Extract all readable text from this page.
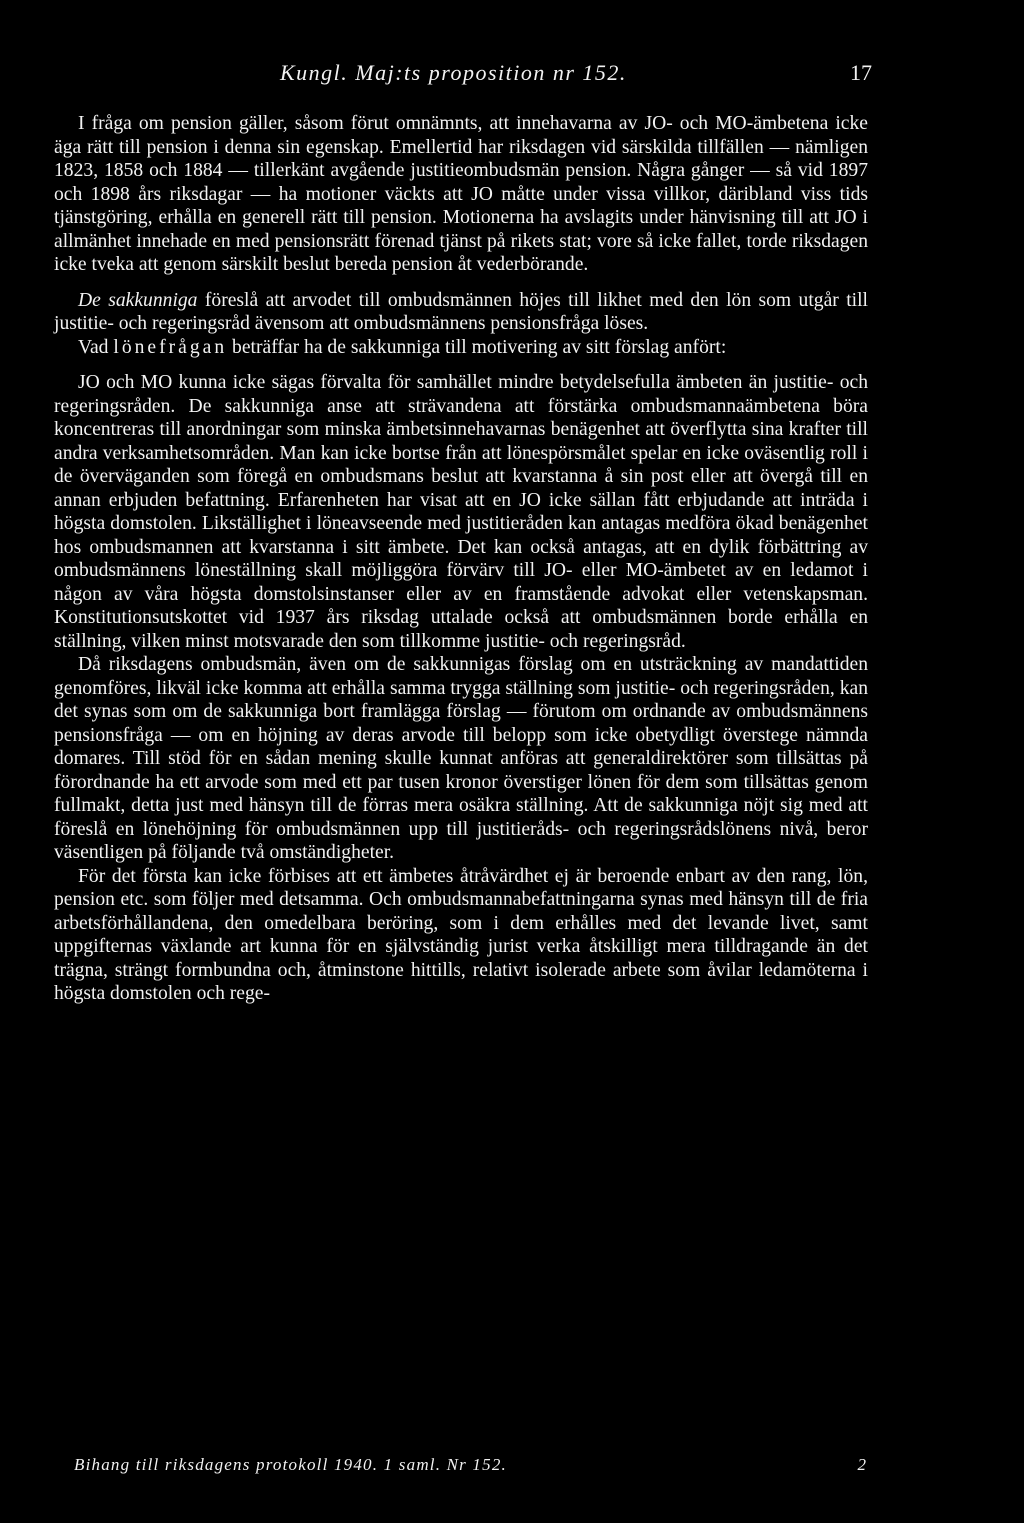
Kungl. Maj:ts proposition nr 152.	17

I fråga om pension gäller, såsom förut omnämnts, att innehavarna av JO- och MO-ämbetena icke äga rätt till pension i denna sin egenskap. Emellertid har riksdagen vid särskilda tillfällen — nämligen 1823, 1858 och 1884 — tillerkänt avgående justitieombudsmän pension. Några gånger — så vid 1897 och 1898 års riksdagar — ha motioner väckts att JO måtte under vissa villkor, däribland viss tids tjänstgöring, erhålla en generell rätt till pension. Motionerna ha avslagits under hänvisning till att JO i allmänhet innehade en med pensionsrätt förenad tjänst på rikets stat; vore så icke fallet, torde riksdagen icke tveka att genom särskilt beslut bereda pension åt vederbörande.

De sakkunniga föreslå att arvodet till ombudsmännen höjes till likhet med den lön som utgår till justitie- och regeringsråd ävensom att ombudsmännens pensionsfråga löses.

Vad lönefrågan beträffar ha de sakkunniga till motivering av sitt förslag anfört:

JO och MO kunna icke sägas förvalta för samhället mindre betydelsefulla ämbeten än justitie- och regeringsråden. De sakkunniga anse att strävandena att förstärka ombudsmannaämbetena böra koncentreras till anordningar som minska ämbetsinnehavarnas benägenhet att överflytta sina krafter till andra verksamhetsområden. Man kan icke bortse från att lönespörsmålet spelar en icke oväsentlig roll i de överväganden som föregå en ombudsmans beslut att kvarstanna å sin post eller att övergå till en annan erbjuden befattning. Erfarenheten har visat att en JO icke sällan fått erbjudande att inträda i högsta domstolen. Likställighet i löneavseende med justitieråden kan antagas medföra ökad benägenhet hos ombudsmannen att kvarstanna i sitt ämbete. Det kan också antagas, att en dylik förbättring av ombudsmännens löneställning skall möjliggöra förvärv till JO- eller MO-ämbetet av en ledamot i någon av våra högsta domstolsinstanser eller av en framstående advokat eller vetenskapsman. Konstitutionsutskottet vid 1937 års riksdag uttalade också att ombudsmännen borde erhålla en ställning, vilken minst motsvarade den som tillkomme justitie- och regeringsråd.

Då riksdagens ombudsmän, även om de sakkunnigas förslag om en utsträckning av mandattiden genomföres, likväl icke komma att erhålla samma trygga ställning som justitie- och regeringsråden, kan det synas som om de sakkunniga bort framlägga förslag — förutom om ordnande av ombudsmännens pensionsfråga — om en höjning av deras arvode till belopp som icke obetydligt överstege nämnda domares. Till stöd för en sådan mening skulle kunnat anföras att generaldirektörer som tillsättas på förordnande ha ett arvode som med ett par tusen kronor överstiger lönen för dem som tillsättas genom fullmakt, detta just med hänsyn till de förras mera osäkra ställning. Att de sakkunniga nöjt sig med att föreslå en lönehöjning för ombudsmännen upp till justitieråds- och regeringsrådslönens nivå, beror väsentligen på följande två omständigheter.

För det första kan icke förbises att ett ämbetes åtråvärdhet ej är beroende enbart av den rang, lön, pension etc. som följer med detsamma. Och ombudsmannabefattningarna synas med hänsyn till de fria arbetsförhållandena, den omedelbara beröring, som i dem erhålles med det levande livet, samt uppgifternas växlande art kunna för en självständig jurist verka åtskilligt mera tilldragande än det trägna, strängt formbundna och, åtminstone hittills, relativt isolerade arbete som åvilar ledamöterna i högsta domstolen och rege-

Bihang till riksdagens protokoll 1940. 1 saml. Nr 152.	2
